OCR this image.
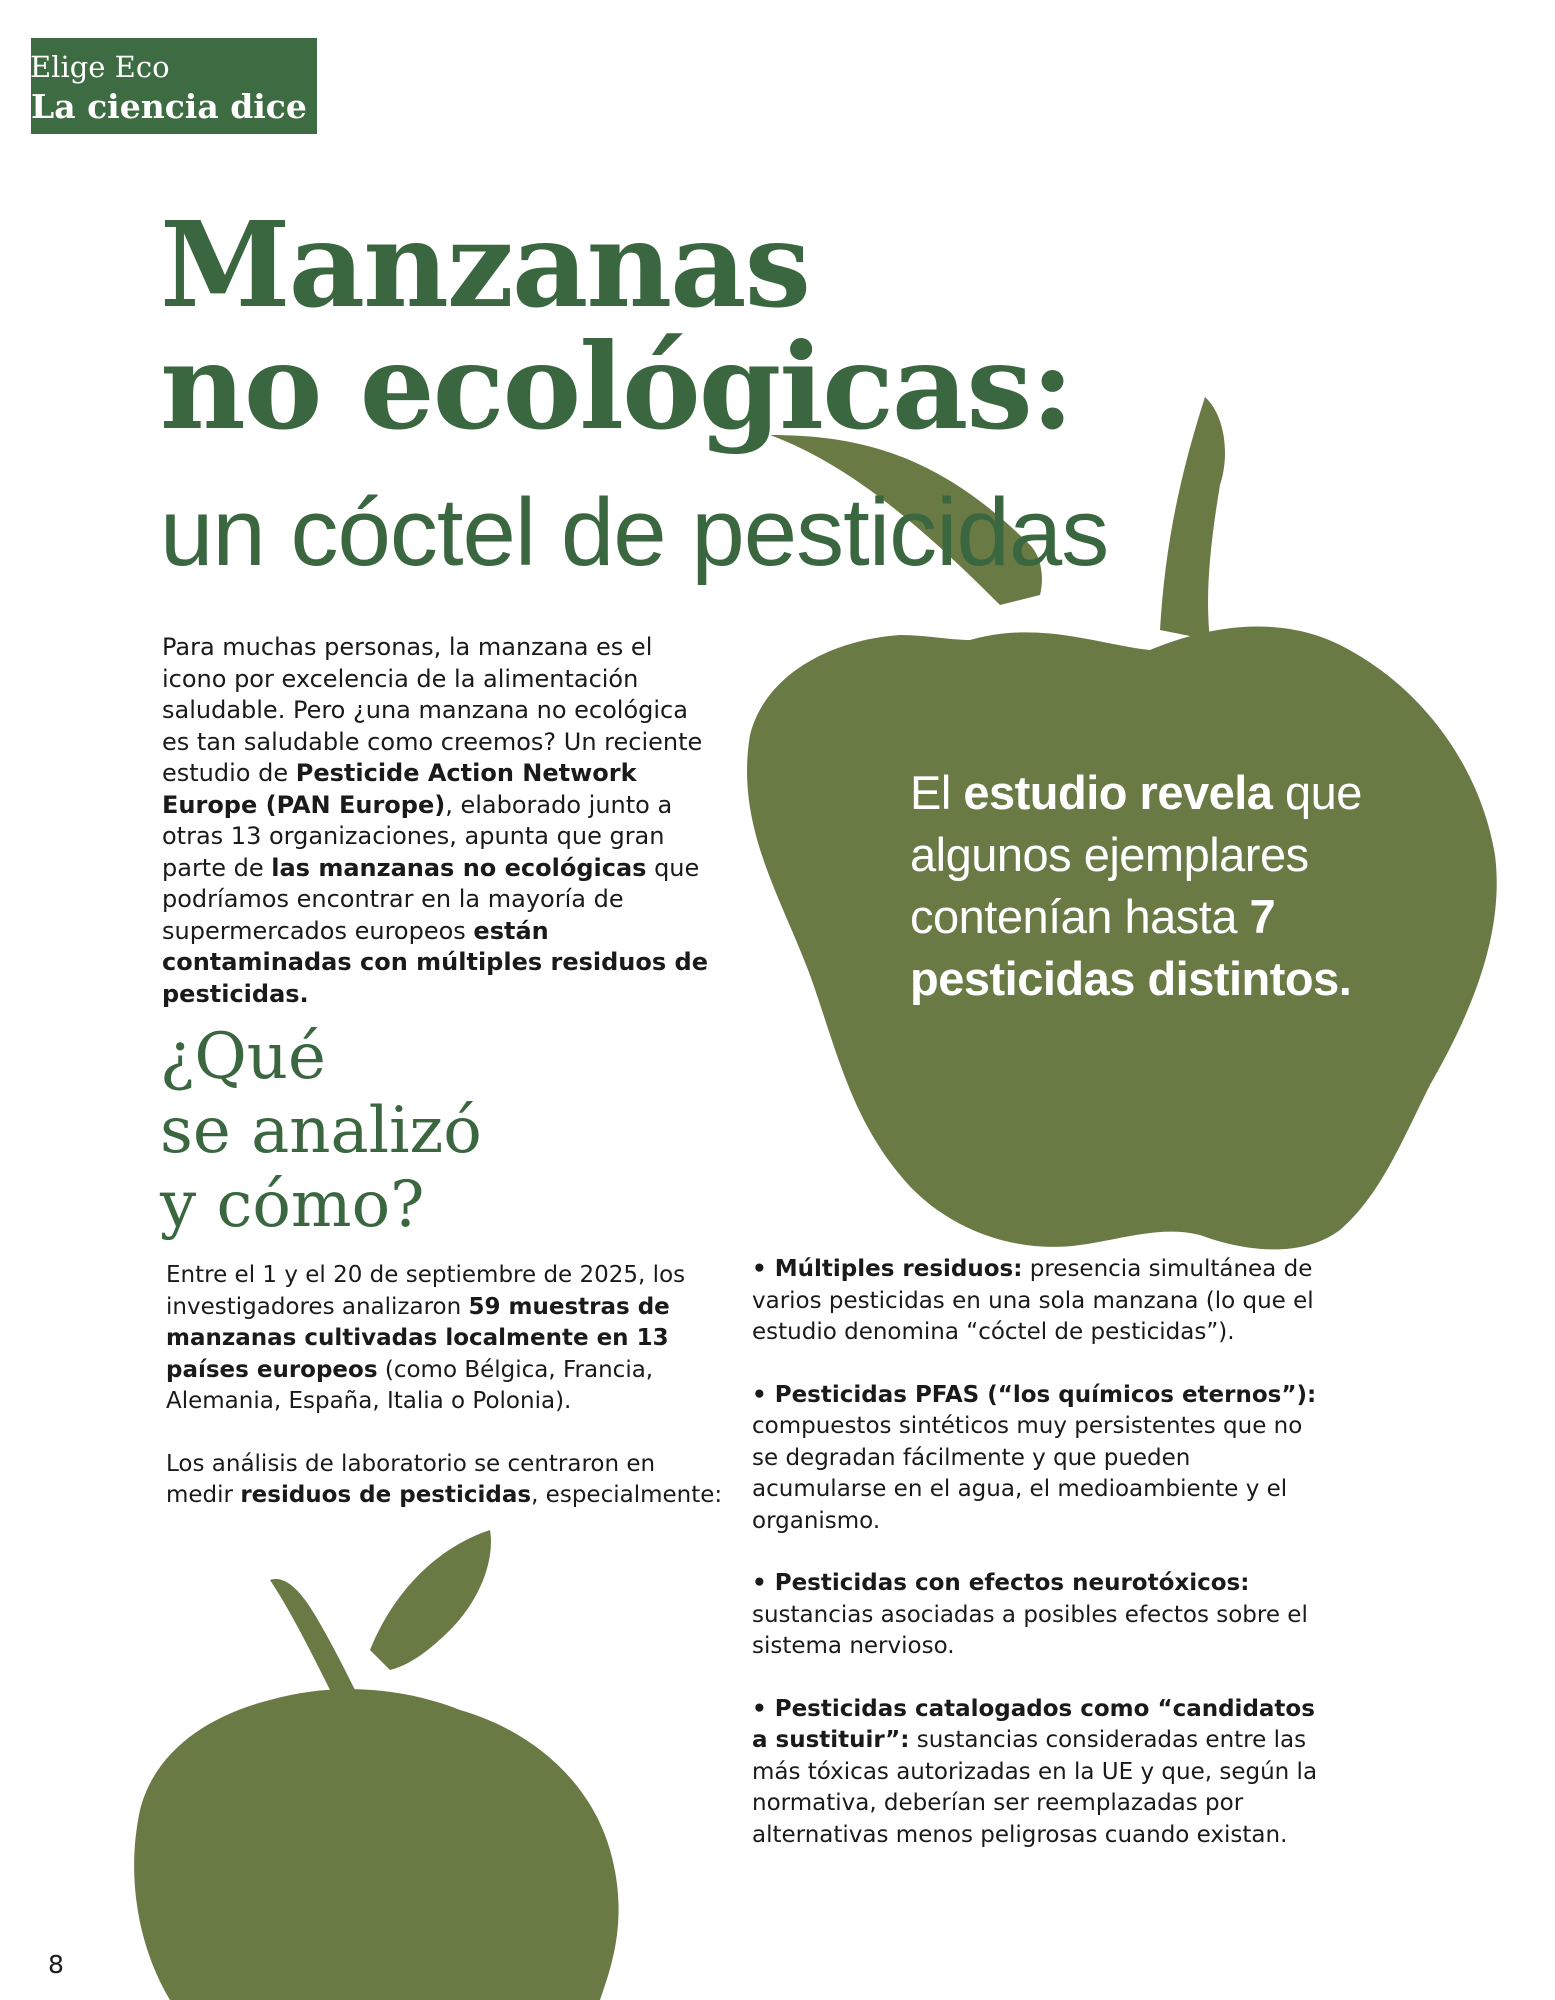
Elige Eco
La ciencia dice
Manzanas
no ecológicas:
un cóctel de pesticidas
Para muchas personas, la manzana es el icono por excelencia de la alimentación saludable. Pero ¿una manzana no ecológica es tan saludable como creemos? Un reciente estudio de Pesticide Action Network Europe (PAN Europe), elaborado junto a otras 13 organizaciones, apunta que gran parte de las manzanas no ecológicas que podríamos encontrar en la mayoría de supermercados europeos están contaminadas con múltiples residuos de pesticidas.
El estudio revela que algunos ejemplares contenían hasta 7 pesticidas distintos.
¿Qué
se analizó
y cómo?

Entre el 1 y el 20 de septiembre de 2025, los investigadores analizaron 59 muestras de manzanas cultivadas localmente en 13 países europeos (como Bélgica, Francia, Alemania, España, Italia o Polonia).

Los análisis de laboratorio se centraron en medir residuos de pesticidas, especialmente:

• Múltiples residuos: presencia simultánea de varios pesticidas en una sola manzana (lo que el estudio denomina “cóctel de pesticidas”).
• Pesticidas PFAS (“los químicos eternos”): compuestos sintéticos muy persistentes que no se degradan fácilmente y que pueden acumularse en el agua, el medioambiente y el organismo.
• Pesticidas con efectos neurotóxicos: sustancias asociadas a posibles efectos sobre el sistema nervioso.
• Pesticidas catalogados como “candidatos a sustituir”: sustancias consideradas entre las más tóxicas autorizadas en la UE y que, según la normativa, deberían ser reemplazadas por alternativas menos peligrosas cuando existan.
8
